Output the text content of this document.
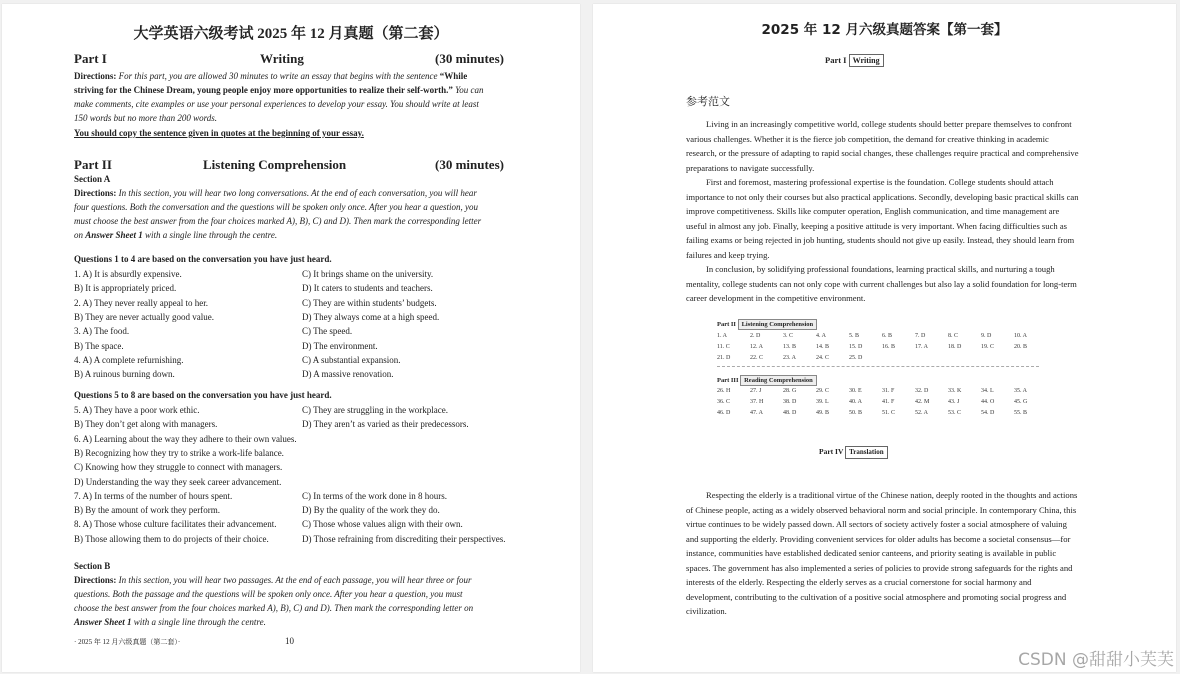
大学英语六级考试 2025 年 12 月真题（第二套）
Part I	Writing	(30 minutes)
Directions: For this part, you are allowed 30 minutes to write an essay that begins with the sentence “While
striving for the Chinese Dream, young people enjoy more opportunities to realize their self-worth.” You can
make comments, cite examples or use your personal experiences to develop your essay. You should write at least
150 words but no more than 200 words.
You should copy the sentence given in quotes at the beginning of your essay.
Part II	Listening Comprehension	(30 minutes)
Section A
Directions: In this section, you will hear two long conversations. At the end of each conversation, you will hear
four questions. Both the conversation and the questions will be spoken only once. After you hear a question, you
must choose the best answer from the four choices marked A), B), C) and D). Then mark the corresponding letter
on Answer Sheet 1 with a single line through the centre.
Questions 1 to 4 are based on the conversation you have just heard.
Questions 5 to 8 are based on the conversation you have just heard.
Section B
Directions: In this section, you will hear two passages. At the end of each passage, you will hear three or four
questions. Both the passage and the questions will be spoken only once. After you hear a question, you must
choose the best answer from the four choices marked A), B), C) and D). Then mark the corresponding letter on
Answer Sheet 1 with a single line through the centre.
· 2025 年 12 月六级真题（第二套）·	10
1. A) It is absurdly expensive.	C) It brings shame on the university.
B) It is appropriately priced.	D) It caters to students and teachers.
2. A) They never really appeal to her.	C) They are within students’ budgets.
B) They are never actually good value.	D) They always come at a high speed.
3. A) The food.	C) The speed.
B) The space.	D) The environment.
4. A) A complete refurnishing.	C) A substantial expansion.
B) A ruinous burning down.	D) A massive renovation.
5. A) They have a poor work ethic.	C) They are struggling in the workplace.
B) They don’t get along with managers.	D) They aren’t as varied as their predecessors.
6. A) Learning about the way they adhere to their own values.
B) Recognizing how they try to strike a work-life balance.
C) Knowing how they struggle to connect with managers.
D) Understanding the way they seek career advancement.
7. A) In terms of the number of hours spent.	C) In terms of the work done in 8 hours.
B) By the amount of work they perform.	D) By the quality of the work they do.
8. A) Those whose culture facilitates their advancement.	C) Those whose values align with their own.
B) Those allowing them to do projects of their choice.	D) Those refraining from discrediting their perspectives.
2025 年 12 月六级真题答案【第一套】
Part I Writing
参考范文

Living in an increasingly competitive world, college students should better prepare themselves to confront various challenges. Whether it is the fierce job competition, the demand for creative thinking in academic research, or the pressure of adapting to rapid social changes, these challenges require practical and comprehensive preparations to navigate successfully.

First and foremost, mastering professional expertise is the foundation. College students should attach importance to not only their courses but also practical applications. Secondly, developing basic practical skills can improve competitiveness. Skills like computer operation, English communication, and time management are useful in almost any job. Finally, keeping a positive attitude is very important. When facing difficulties such as failing exams or being rejected in job hunting, students should not give up easily. Instead, they should learn from failures and keep trying.

In conclusion, by solidifying professional foundations, learning practical skills, and nurturing a tough mentality, college students can not only cope with current challenges but also lay a solid foundation for long-term career development in the competitive environment.

Part II Listening Comprehension
1. A	2. D	3. C	4. A	5. B	6. B	7. D	8. C	9. D	10. A
11. C	12. A	13. B	14. B	15. D	16. B	17. A	18. D	19. C	20. B
21. D	22. C	23. A	24. C	25. D
Part III Reading Comprehension
26. H	27. J	28. G	29. C	30. E	31. F	32. D	33. K	34. L	35. A
36. C	37. H	38. D	39. L	40. A	41. F	42. M	43. J	44. O	45. G
46. D	47. A	48. D	49. B	50. B	51. C	52. A	53. C	54. D	55. B
Part IV Translation

Respecting the elderly is a traditional virtue of the Chinese nation, deeply rooted in the thoughts and actions of Chinese people, acting as a widely observed behavioral norm and social principle. In contemporary China, this virtue continues to be widely passed down. All sectors of society actively foster a social atmosphere of valuing and supporting the elderly. Providing convenient services for older adults has become a societal consensus—for instance, communities have established dedicated senior canteens, and priority seating is available in public spaces. The government has also implemented a series of policies to provide strong safeguards for the rights and interests of the elderly. Respecting the elderly serves as a crucial cornerstone for social harmony and development, contributing to the cultivation of a positive social atmosphere and promoting social progress and civilization.

CSDN @甜甜小芙芙
